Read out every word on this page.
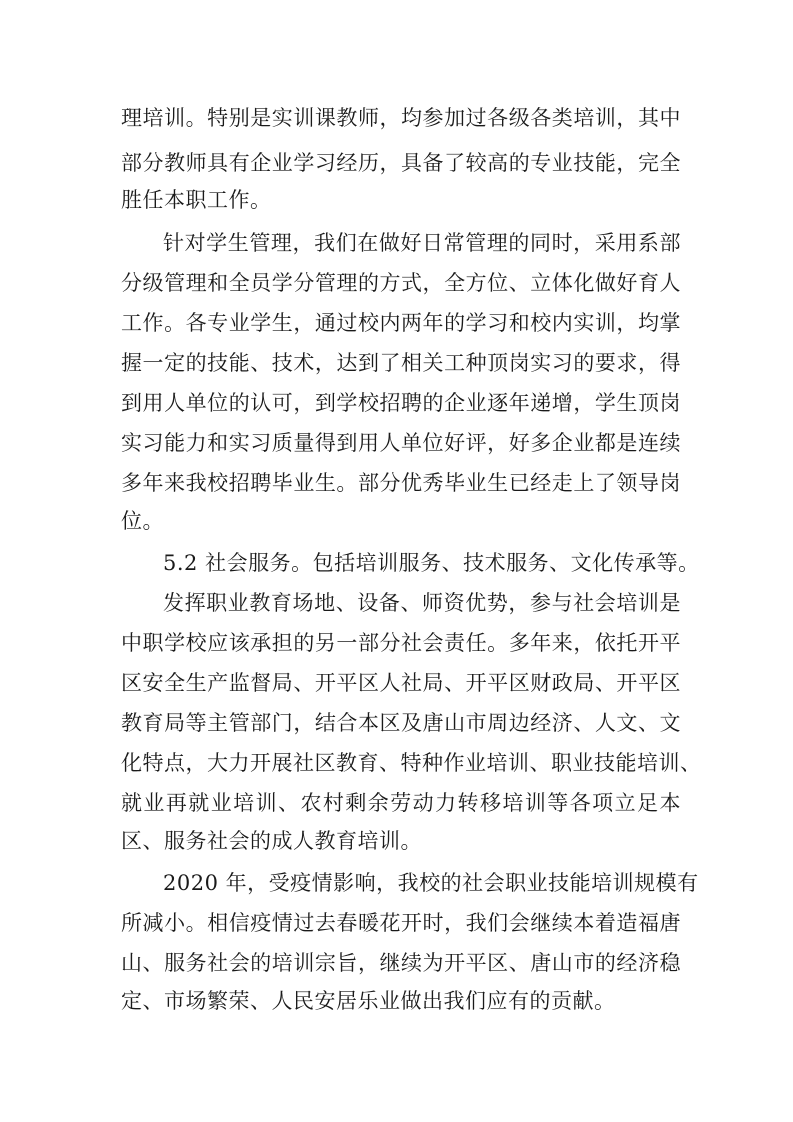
理培训。特别是实训课教师，均参加过各级各类培训，其中
部分教师具有企业学习经历，具备了较高的专业技能，完全
胜任本职工作。
针对学生管理，我们在做好日常管理的同时，采用系部
分级管理和全员学分管理的方式，全方位、立体化做好育人
工作。各专业学生，通过校内两年的学习和校内实训，均掌
握一定的技能、技术，达到了相关工种顶岗实习的要求，得
到用人单位的认可，到学校招聘的企业逐年递增，学生顶岗
实习能力和实习质量得到用人单位好评，好多企业都是连续
多年来我校招聘毕业生。部分优秀毕业生已经走上了领导岗
位。
5.2 社会服务。包括培训服务、技术服务、文化传承等。
发挥职业教育场地、设备、师资优势，参与社会培训是
中职学校应该承担的另一部分社会责任。多年来，依托开平
区安全生产监督局、开平区人社局、开平区财政局、开平区
教育局等主管部门，结合本区及唐山市周边经济、人文、文
化特点，大力开展社区教育、特种作业培训、职业技能培训、
就业再就业培训、农村剩余劳动力转移培训等各项立足本
区、服务社会的成人教育培训。
2020 年，受疫情影响，我校的社会职业技能培训规模有
所减小。相信疫情过去春暖花开时，我们会继续本着造福唐
山、服务社会的培训宗旨，继续为开平区、唐山市的经济稳
定、市场繁荣、人民安居乐业做出我们应有的贡献。
